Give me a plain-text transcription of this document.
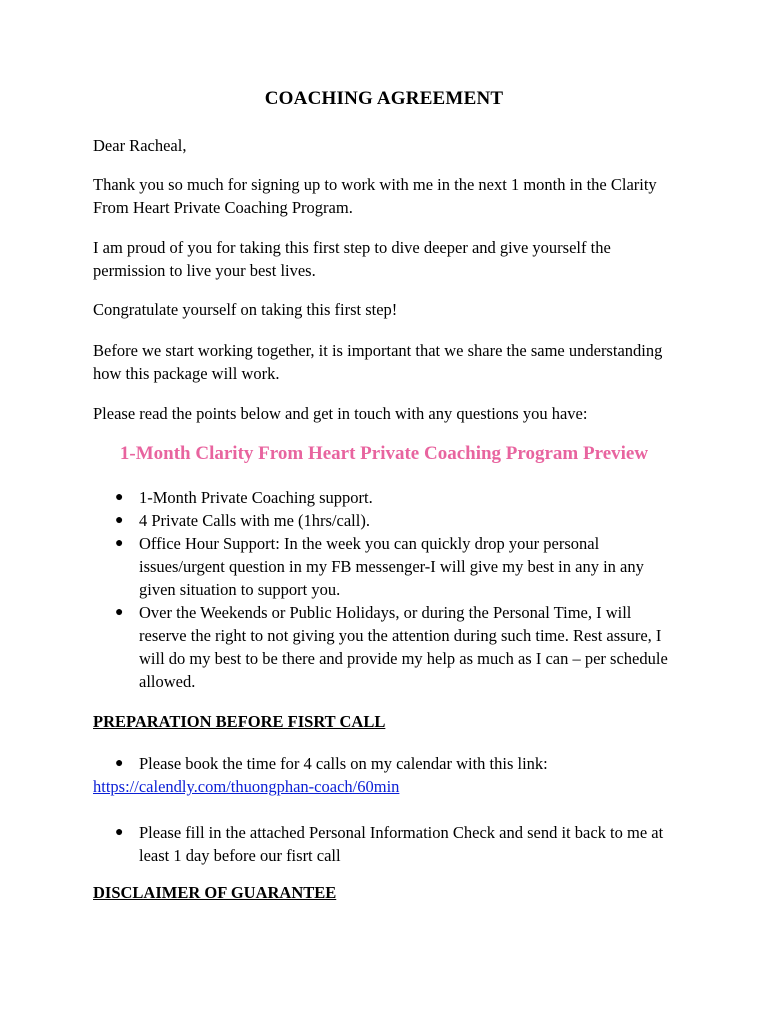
COACHING AGREEMENT

Dear Racheal,

Thank you so much for signing up to work with me in the next 1 month in the Clarity From Heart Private Coaching Program.

I am proud of you for taking this first step to dive deeper and give yourself the permission to live your best lives.

Congratulate yourself on taking this first step!

Before we start working together, it is important that we share the same understanding how this package will work.

Please read the points below and get in touch with any questions you have:

1-Month Clarity From Heart Private Coaching Program Preview
● 1-Month Private Coaching support.
● 4 Private Calls with me (1hrs/call).
● Office Hour Support: In the week you can quickly drop your personal issues/urgent question in my FB messenger-I will give my best in any in any given situation to support you.
● Over the Weekends or Public Holidays, or during the Personal Time, I will reserve the right to not giving you the attention during such time. Rest assure, I will do my best to be there and provide my help as much as I can – per schedule allowed.
PREPARATION BEFORE FISRT CALL
● Please book the time for 4 calls on my calendar with this link:
https://calendly.com/thuongphan-coach/60min
● Please fill in the attached Personal Information Check and send it back to me at least 1 day before our fisrt call
DISCLAIMER OF GUARANTEE
